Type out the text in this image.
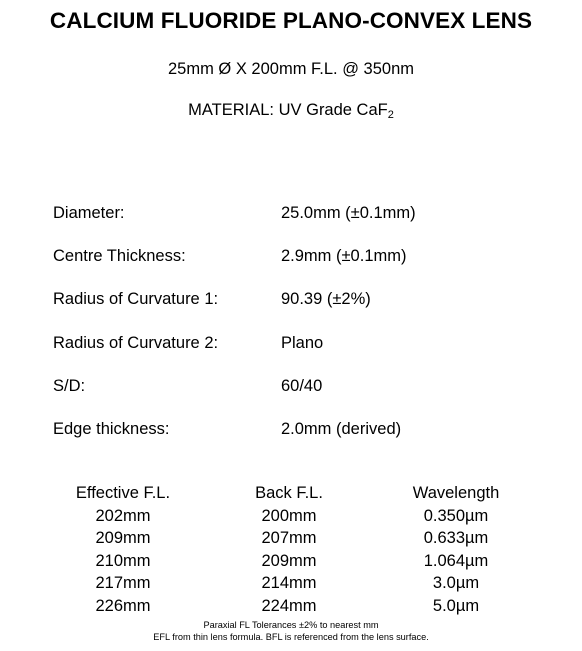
CALCIUM FLUORIDE PLANO-CONVEX LENS
25mm Ø X 200mm F.L. @ 350nm
MATERIAL: UV Grade CaF$_2$
Diameter:	25.0mm (±0.1mm)
Centre Thickness:	2.9mm (±0.1mm)
Radius of Curvature 1:	90.39 (±2%)
Radius of Curvature 2:	Plano
S/D:	60/40
Edge thickness:	2.0mm (derived)
Effective F.L.	Back F.L.	Wavelength
202mm	200mm	0.350µm
209mm	207mm	0.633µm
210mm	209mm	1.064µm
217mm	214mm	3.0µm
226mm	224mm	5.0µm
Paraxial FL Tolerances ±2% to nearest mm
EFL from thin lens formula. BFL is referenced from the lens surface.
